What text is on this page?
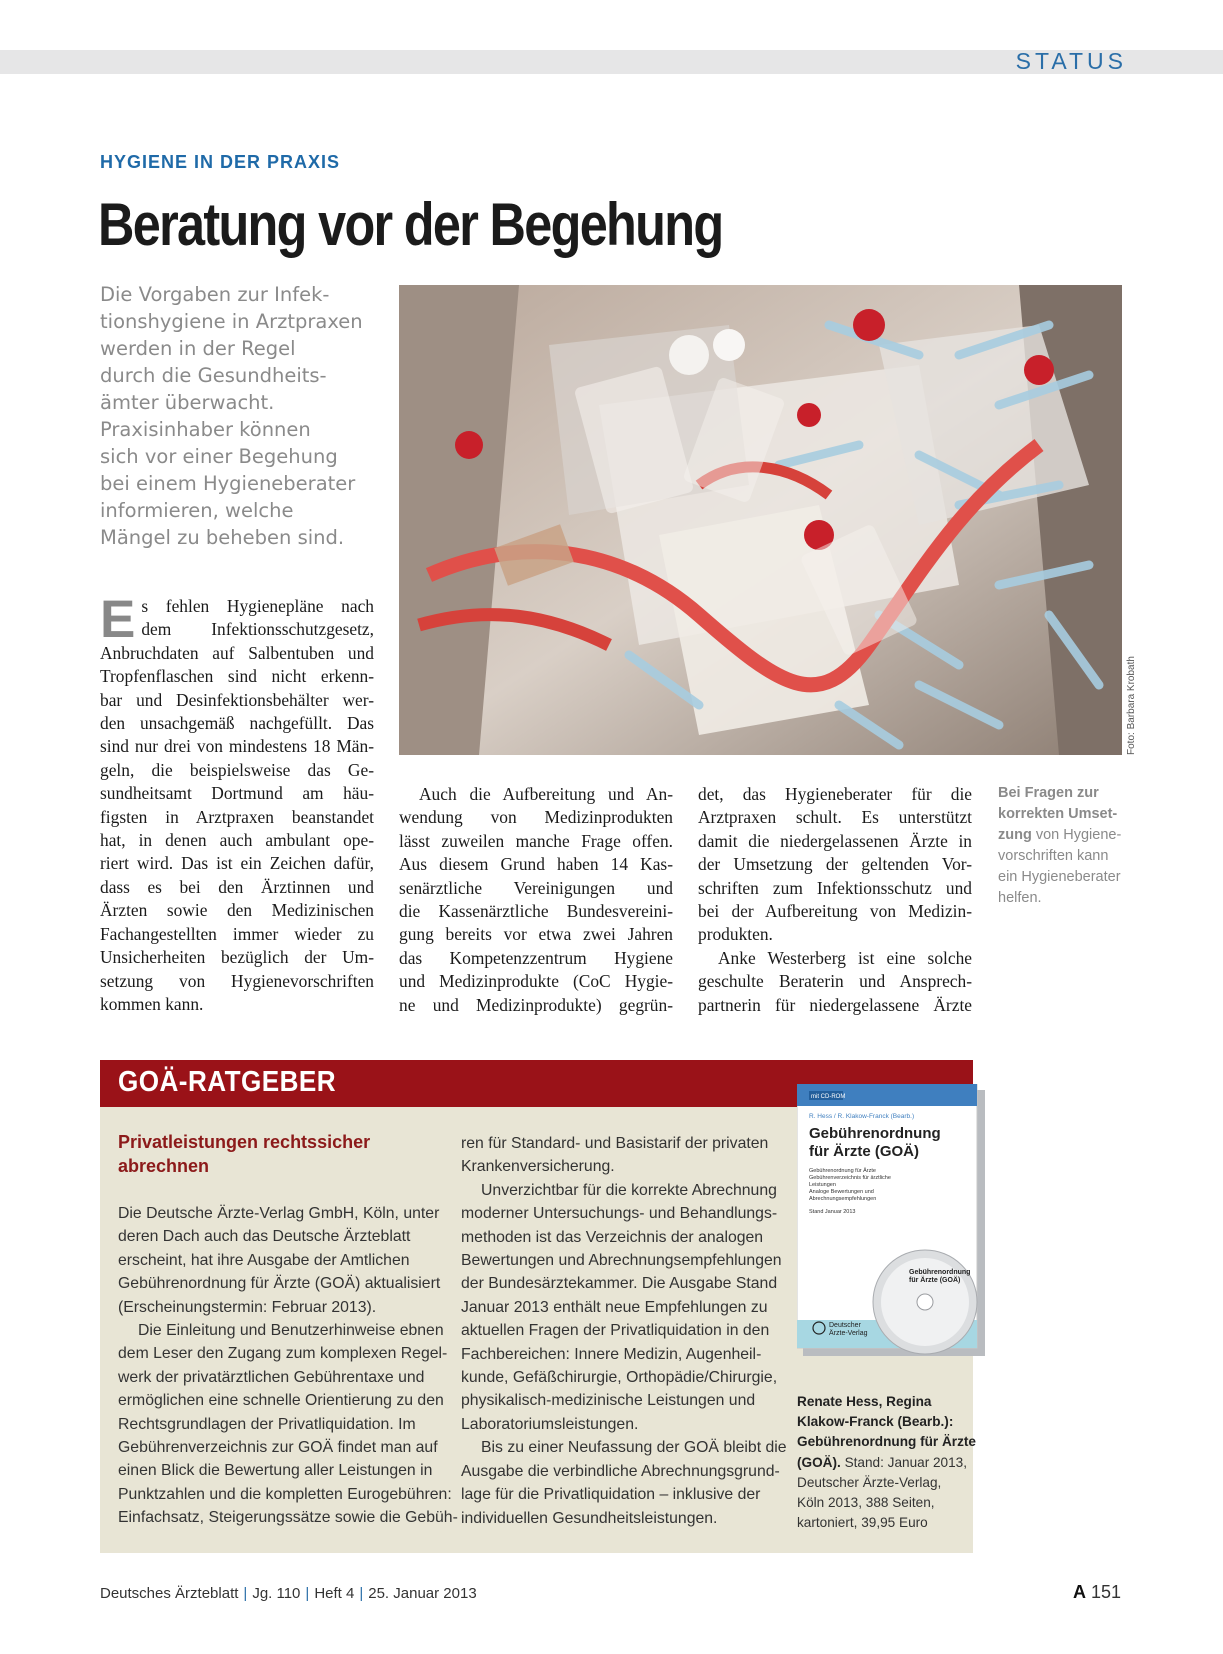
STATUS
HYGIENE IN DER PRAXIS
Beratung vor der Begehung
Die Vorgaben zur Infek-
tionshygiene in Arztpraxen
werden in der Regel
durch die Gesundheits-
ämter überwacht.
Praxisinhaber können
sich vor einer Begehung
bei einem Hygieneberater
informieren, welche
Mängel zu beheben sind.
Foto: Barbara Krobath
E s fehlen Hygienepläne nach
dem Infektionsschutzgesetz,
Anbruchdaten auf Salbentuben und
Tropfenflaschen sind nicht erkenn-
bar und Desinfektionsbehälter wer-
den unsachgemäß nachgefüllt. Das
sind nur drei von mindestens 18 Män-
geln, die beispielsweise das Ge-
sundheitsamt Dortmund am häu-
figsten in Arztpraxen beanstandet
hat, in denen auch ambulant ope-
riert wird. Das ist ein Zeichen dafür,
dass es bei den Ärztinnen und
Ärzten sowie den Medizinischen
Fachangestellten immer wieder zu
Unsicherheiten bezüglich der Um-
setzung von Hygienevorschriften
kommen kann.
Auch die Aufbereitung und An-
wendung von Medizinprodukten
lässt zuweilen manche Frage offen.
Aus diesem Grund haben 14 Kas-
senärztliche Vereinigungen und
die Kassenärztliche Bundesvereini-
gung bereits vor etwa zwei Jahren
das Kompetenzzentrum Hygiene
und Medizinprodukte (CoC Hygie-
ne und Medizinprodukte) gegrün-
det, das Hygieneberater für die
Arztpraxen schult. Es unterstützt
damit die niedergelassenen Ärzte in
der Umsetzung der geltenden Vor-
schriften zum Infektionsschutz und
bei der Aufbereitung von Medizin-
produkten.
Anke Westerberg ist eine solche
geschulte Beraterin und Ansprech-
partnerin für niedergelassene Ärzte
Bei Fragen zur
korrekten Umset-
zung von Hygiene-
vorschriften kann
ein Hygieneberater
helfen.
GOÄ-RATGEBER
Privatleistungen rechtssicher
abrechnen
Die Deutsche Ärzte-Verlag GmbH, Köln, unter
deren Dach auch das Deutsche Ärzteblatt
erscheint, hat ihre Ausgabe der Amtlichen
Gebührenordnung für Ärzte (GOÄ) aktualisiert
(Erscheinungstermin: Februar 2013).
Die Einleitung und Benutzerhinweise ebnen
dem Leser den Zugang zum komplexen Regel-
werk der privatärztlichen Gebührentaxe und
ermöglichen eine schnelle Orientierung zu den
Rechtsgrundlagen der Privatliquidation. Im
Gebührenverzeichnis zur GOÄ findet man auf
einen Blick die Bewertung aller Leistungen in
Punktzahlen und die kompletten Eurogebühren:
Einfachsatz, Steigerungssätze sowie die Gebüh-
ren für Standard- und Basistarif der privaten
Krankenversicherung.
Unverzichtbar für die korrekte Abrechnung
moderner Untersuchungs- und Behandlungs-
methoden ist das Verzeichnis der analogen
Bewertungen und Abrechnungsempfehlungen
der Bundesärztekammer. Die Ausgabe Stand
Januar 2013 enthält neue Empfehlungen zu
aktuellen Fragen der Privatliquidation in den
Fachbereichen: Innere Medizin, Augenheil-
kunde, Gefäßchirurgie, Orthopädie/Chirurgie,
physikalisch-medizinische Leistungen und
Laboratoriumsleistungen.
Bis zu einer Neufassung der GOÄ bleibt die
Ausgabe die verbindliche Abrechnungsgrund-
lage für die Privatliquidation – inklusive der
individuellen Gesundheitsleistungen.
mit CD-ROM
R. Hess / R. Klakow-Franck (Bearb.)
Gebührenordnung
für Ärzte (GOÄ)
Gebührenordnung für Ärzte
Gebührenverzeichnis für ärztliche
Leistungen
Analoge Bewertungen und
Abrechnungsempfehlungen
Stand Januar 2013
Deutscher
Ärzte-Verlag
Gebührenordnung
für Ärzte (GOÄ)
Renate Hess, Regina
Klakow-Franck (Bearb.):
Gebührenordnung für Ärzte
(GOÄ). Stand: Januar 2013,
Deutscher Ärzte-Verlag,
Köln 2013, 388 Seiten,
kartoniert, 39,95 Euro
Deutsches Ärzteblatt | Jg. 110 | Heft 4 | 25. Januar 2013	A 151
